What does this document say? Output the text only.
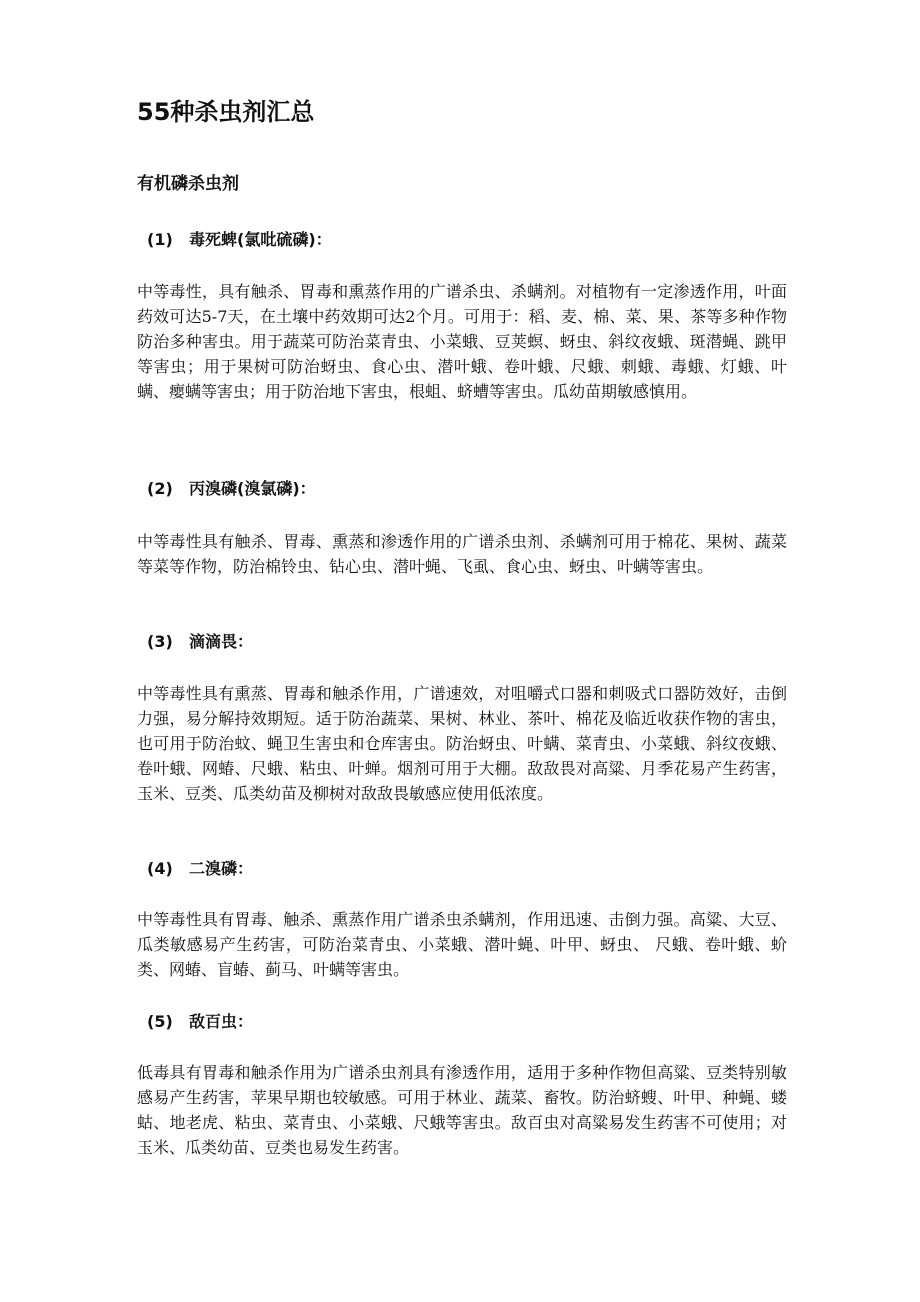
55种杀虫剂汇总
有机磷杀虫剂
(1) 毒死蜱(氯吡硫磷)：

中等毒性，具有触杀、胃毒和熏蒸作用的广谱杀虫、杀螨剂。对植物有一定渗透作用，叶面药效可达5-7天，在土壤中药效期可达2个月。可用于：稻、麦、棉、菜、果、茶等多种作物防治多种害虫。用于蔬菜可防治菜青虫、小菜蛾、豆荚螟、蚜虫、斜纹夜蛾、斑潜蝇、跳甲等害虫；用于果树可防治蚜虫、食心虫、潜叶蛾、卷叶蛾、尺蛾、刺蛾、毒蛾、灯蛾、叶螨、瘿螨等害虫；用于防治地下害虫，根蛆、蛴螬等害虫。瓜幼苗期敏感慎用。

(2) 丙溴磷(溴氯磷)：

中等毒性具有触杀、胃毒、熏蒸和渗透作用的广谱杀虫剂、杀螨剂可用于棉花、果树、蔬菜等菜等作物，防治棉铃虫、钻心虫、潜叶蝇、飞虱、食心虫、蚜虫、叶螨等害虫。

(3) 滴滴畏：

中等毒性具有熏蒸、胃毒和触杀作用，广谱速效，对咀嚼式口器和刺吸式口器防效好，击倒力强，易分解持效期短。适于防治蔬菜、果树、林业、茶叶、棉花及临近收获作物的害虫，也可用于防治蚊、蝇卫生害虫和仓库害虫。防治蚜虫、叶螨、菜青虫、小菜蛾、斜纹夜蛾、卷叶蛾、网蝽、尺蛾、粘虫、叶蝉。烟剂可用于大棚。敌敌畏对高粱、月季花易产生药害，玉米、豆类、瓜类幼苗及柳树对敌敌畏敏感应使用低浓度。

(4) 二溴磷：

中等毒性具有胃毒、触杀、熏蒸作用广谱杀虫杀螨剂，作用迅速、击倒力强。高粱、大豆、瓜类敏感易产生药害，可防治菜青虫、小菜蛾、潜叶蝇、叶甲、蚜虫、 尺蛾、卷叶蛾、蚧类、网蝽、盲蝽、蓟马、叶螨等害虫。

(5) 敌百虫：

低毒具有胃毒和触杀作用为广谱杀虫剂具有渗透作用，适用于多种作物但高粱、豆类特别敏感易产生药害，苹果早期也较敏感。可用于林业、蔬菜、畜牧。防治蛴螋、叶甲、种蝇、蝼蛄、地老虎、粘虫、菜青虫、小菜蛾、尺蛾等害虫。敌百虫对高粱易发生药害不可使用；对玉米、瓜类幼苗、豆类也易发生药害。
